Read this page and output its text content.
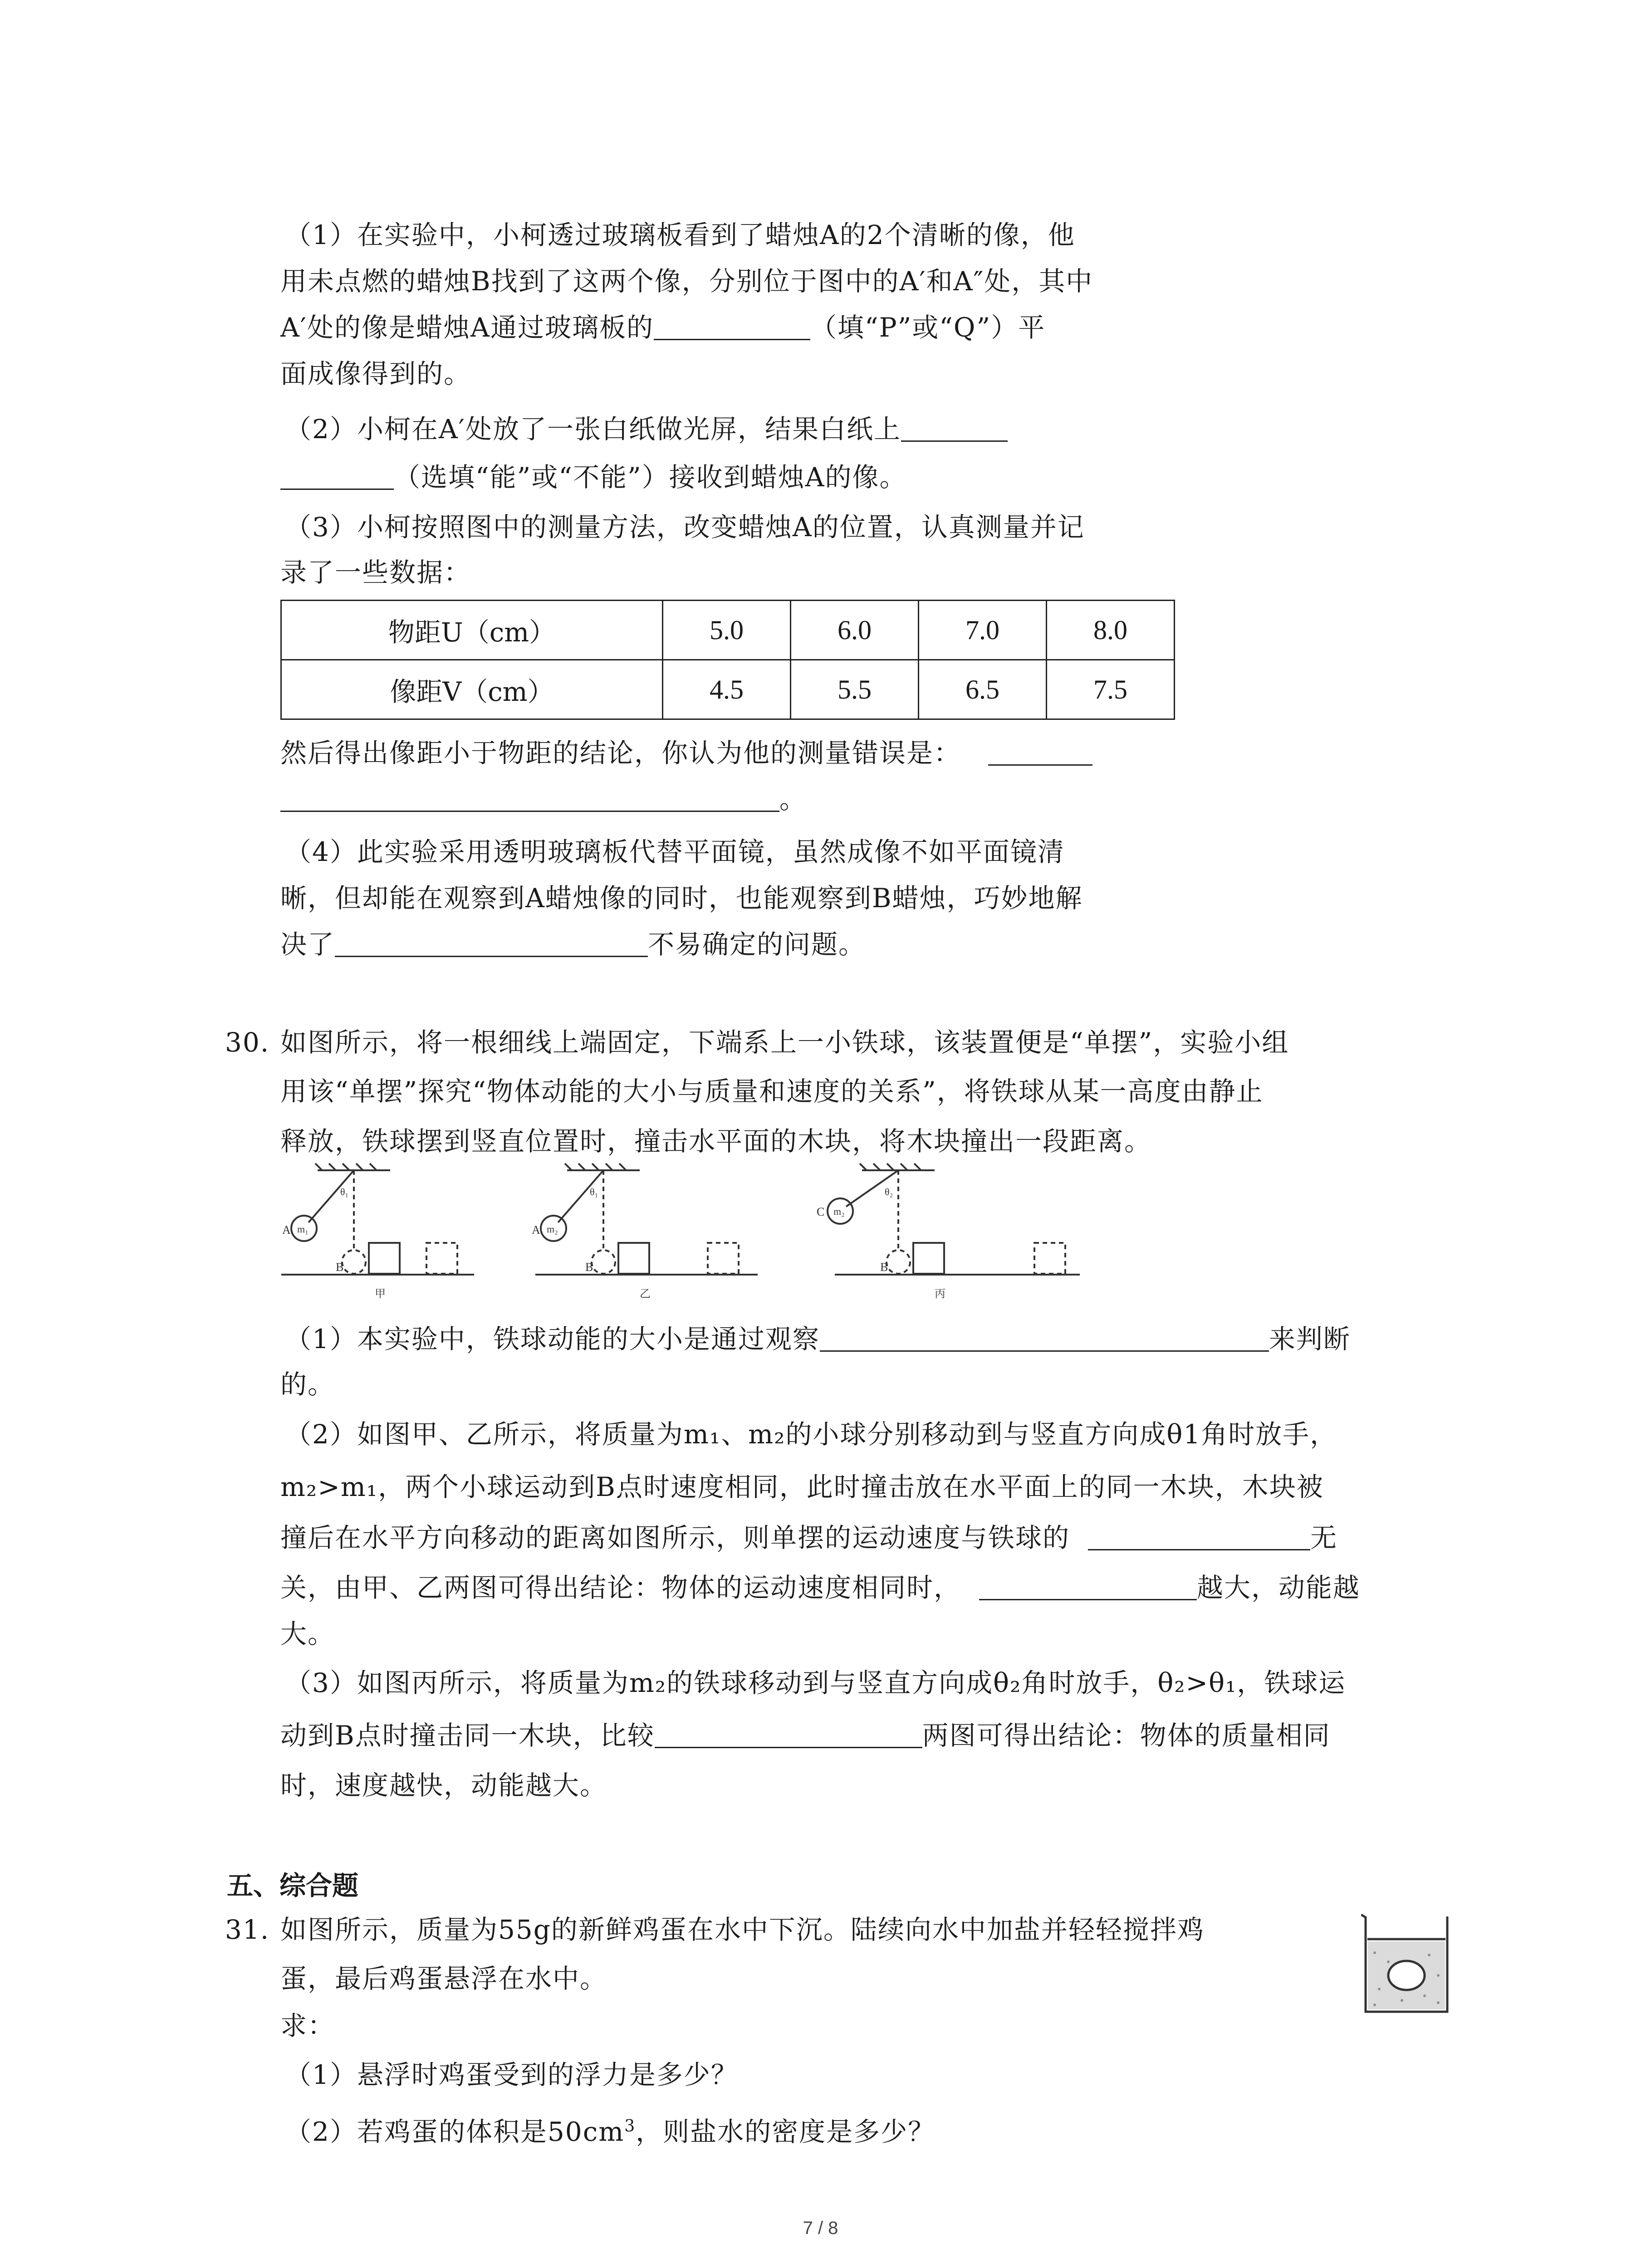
（1）在实验中，小柯透过玻璃板看到了蜡烛A的2个清晰的像，他
用未点燃的蜡烛B找到了这两个像，分别位于图中的A′和A″处，其中
A′处的像是蜡烛A通过玻璃板的	（填“P”或“Q”）平
面成像得到的。
（2）小柯在A′处放了一张白纸做光屏，结果白纸上
（选填“能”或“不能”）接收到蜡烛A的像。
（3）小柯按照图中的测量方法，改变蜡烛A的位置，认真测量并记
录了一些数据：
物距U（cm）	5.0	6.0	7.0	8.0
像距V（cm）	4.5	5.5	6.5	7.5
然后得出像距小于物距的结论，你认为他的测量错误是：
。
（4）此实验采用透明玻璃板代替平面镜，虽然成像不如平面镜清
晰，但却能在观察到A蜡烛像的同时，也能观察到B蜡烛，巧妙地解
决了	不易确定的问题。
30. 如图所示，将一根细线上端固定，下端系上一小铁球，该装置便是“单摆”，实验小组
用该“单摆”探究“物体动能的大小与质量和速度的关系”，将铁球从某一高度由静止
释放，铁球摆到竖直位置时，撞击水平面的木块，将木块撞出一段距离。
A m₁
θ₁
B
甲
A m₂
θ₁
B
乙
C m₂
θ₂
B
丙
（1）本实验中，铁球动能的大小是通过观察	来判断
的。
（2）如图甲、乙所示，将质量为m₁、m₂的小球分别移动到与竖直方向成θ1角时放手，
m₂>m₁，两个小球运动到B点时速度相同，此时撞击放在水平面上的同一木块，木块被
撞后在水平方向移动的距离如图所示，则单摆的运动速度与铁球的	无
关，由甲、乙两图可得出结论：物体的运动速度相同时，	越大，动能越
大。
（3）如图丙所示，将质量为m₂的铁球移动到与竖直方向成θ₂角时放手，θ₂>θ₁，铁球运
动到B点时撞击同一木块，比较	两图可得出结论：物体的质量相同
时，速度越快，动能越大。
五、综合题
31. 如图所示，质量为55g的新鲜鸡蛋在水中下沉。陆续向水中加盐并轻轻搅拌鸡
蛋，最后鸡蛋悬浮在水中。
求：
（1）悬浮时鸡蛋受到的浮力是多少？
（2）若鸡蛋的体积是$50cm^3$，则盐水的密度是多少？
7 / 8
